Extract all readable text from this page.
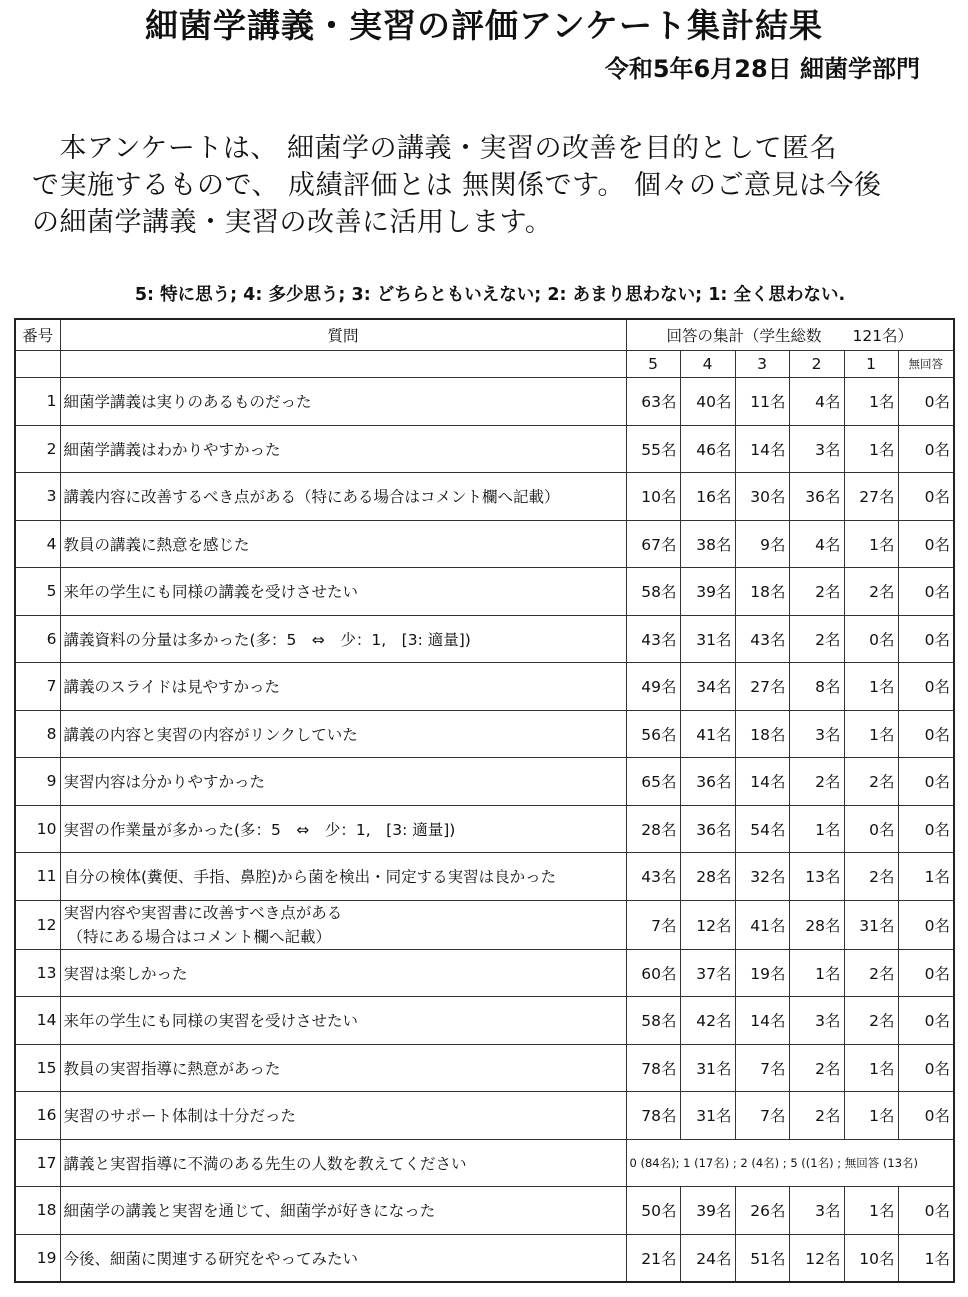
細菌学講義・実習の評価アンケート集計結果
令和5年6月28日 細菌学部門

　本アンケートは、 細菌学の講義・実習の改善を目的として匿名

で実施するもので、 成績評価とは 無関係です。 個々のご意見は今後

の細菌学講義・実習の改善に活用します。

5: 特に思う; 4: 多少思う; 3: どちらともいえない; 2: あまり思わない; 1: 全く思わない.
番号	質問	回答の集計（学生総数　　121名）					
		5	4	3	2	1	無回答
1	細菌学講義は実りのあるものだった	63名	40名	11名	4名	1名	0名
2	細菌学講義はわかりやすかった	55名	46名	14名	3名	1名	0名
3	講義内容に改善するべき点がある（特にある場合はコメント欄へ記載）	10名	16名	30名	36名	27名	0名
4	教員の講義に熱意を感じた	67名	38名	9名	4名	1名	0名
5	来年の学生にも同様の講義を受けさせたい	58名	39名	18名	2名	2名	0名
6	講義資料の分量は多かった(多：5　⇔　少：1,　[3: 適量])	43名	31名	43名	2名	0名	0名
7	講義のスライドは見やすかった	49名	34名	27名	8名	1名	0名
8	講義の内容と実習の内容がリンクしていた	56名	41名	18名	3名	1名	0名
9	実習内容は分かりやすかった	65名	36名	14名	2名	2名	0名
10	実習の作業量が多かった(多：5　⇔　少：1,　[3: 適量])	28名	36名	54名	1名	0名	0名
11	自分の検体(糞便、手指、鼻腔)から菌を検出・同定する実習は良かった	43名	28名	32名	13名	2名	1名
12	実習内容や実習書に改善すべき点がある
（特にある場合はコメント欄へ記載）	7名	12名	41名	28名	31名	0名
13	実習は楽しかった	60名	37名	19名	1名	2名	0名
14	来年の学生にも同様の実習を受けさせたい	58名	42名	14名	3名	2名	0名
15	教員の実習指導に熱意があった	78名	31名	7名	2名	1名	0名
16	実習のサポート体制は十分だった	78名	31名	7名	2名	1名	0名
17	講義と実習指導に不満のある先生の人数を教えてください	0 (84名); 1 (17名) ; 2 (4名) ; 5 ((1名) ; 無回答 (13名)					
18	細菌学の講義と実習を通じて、細菌学が好きになった	50名	39名	26名	3名	1名	0名
19	今後、細菌に関連する研究をやってみたい	21名	24名	51名	12名	10名	1名
